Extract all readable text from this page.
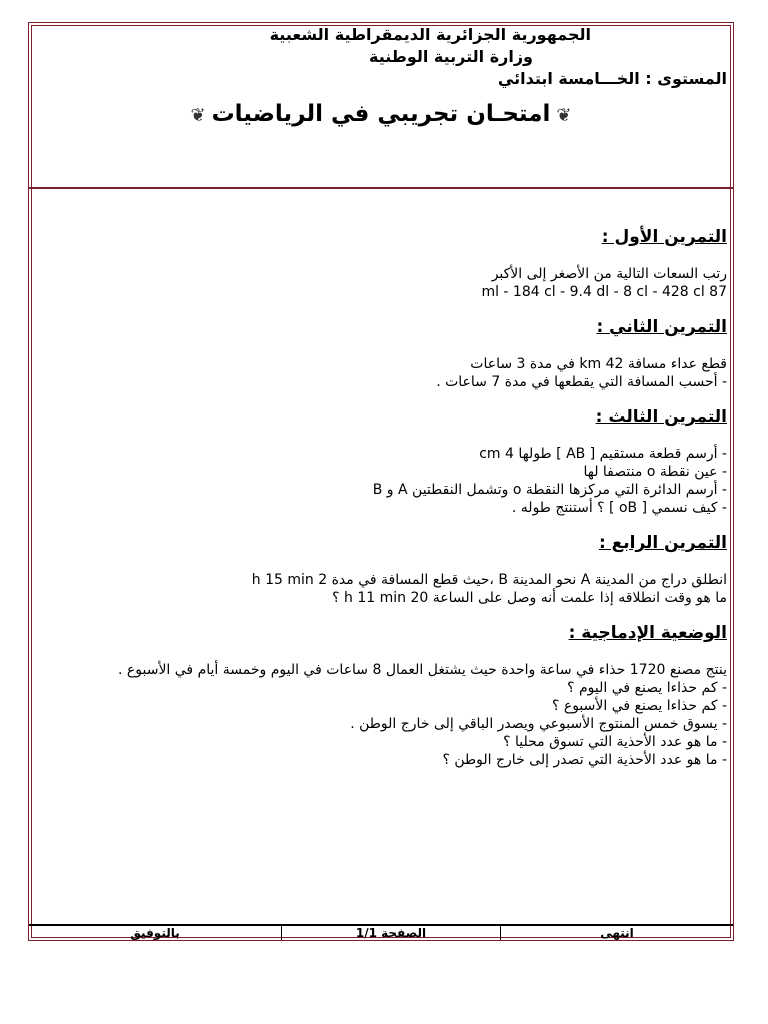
الجمهورية الجزائرية الديمقراطية الشعبية
وزارة التربية الوطنية
المستوى : الخـــامسة ابتدائي
❦امتحـان تجريبي في الرياضيات❦
التمرين الأول :
رتب السعات التالية من الأصغر إلى الأكبر
ml - 184 cl - 9.4 dl - 8 cl - 428 cl 87
التمرين الثاني :
قطع عداء مسافة km 42 في مدة 3 ساعات
- أحسب المسافة التي يقطعها في مدة 7 ساعات .
التمرين الثالث :
- أرسم قطعة مستقيم [ AB ] طولها cm 4
- عين نقطة o منتصفا لها
- أرسم الدائرة التي مركزها النقطة o وتشمل النقطتين A و B
- كيف نسمي [ oB ] ؟ أستنتج طوله .
التمرين الرابع :
انطلق دراج من المدينة A نحو المدينة B ،حيث قطع المسافة في مدة 2 h 15 min
ما هو وقت انطلاقه إذا علمت أنه وصل على الساعة 20 h 11 min ؟
الوضعية الإدماجية :
ينتج مصنع 1720 حذاء في ساعة واحدة حيث يشتغل العمال 8 ساعات في اليوم وخمسة أيام في الأسبوع .
- كم حذاءا يصنع في اليوم ؟
- كم حذاءا يصنع في الأسبوع ؟
- يسوق خمس المنتوج الأسبوعي ويصدر الباقي إلى خارج الوطن .
- ما هو عدد الأحذية التي تسوق محليا ؟
- ما هو عدد الأحذية التي تصدر إلى خارج الوطن ؟
انتهى
الصفحة 1/1
بالتوفيق
